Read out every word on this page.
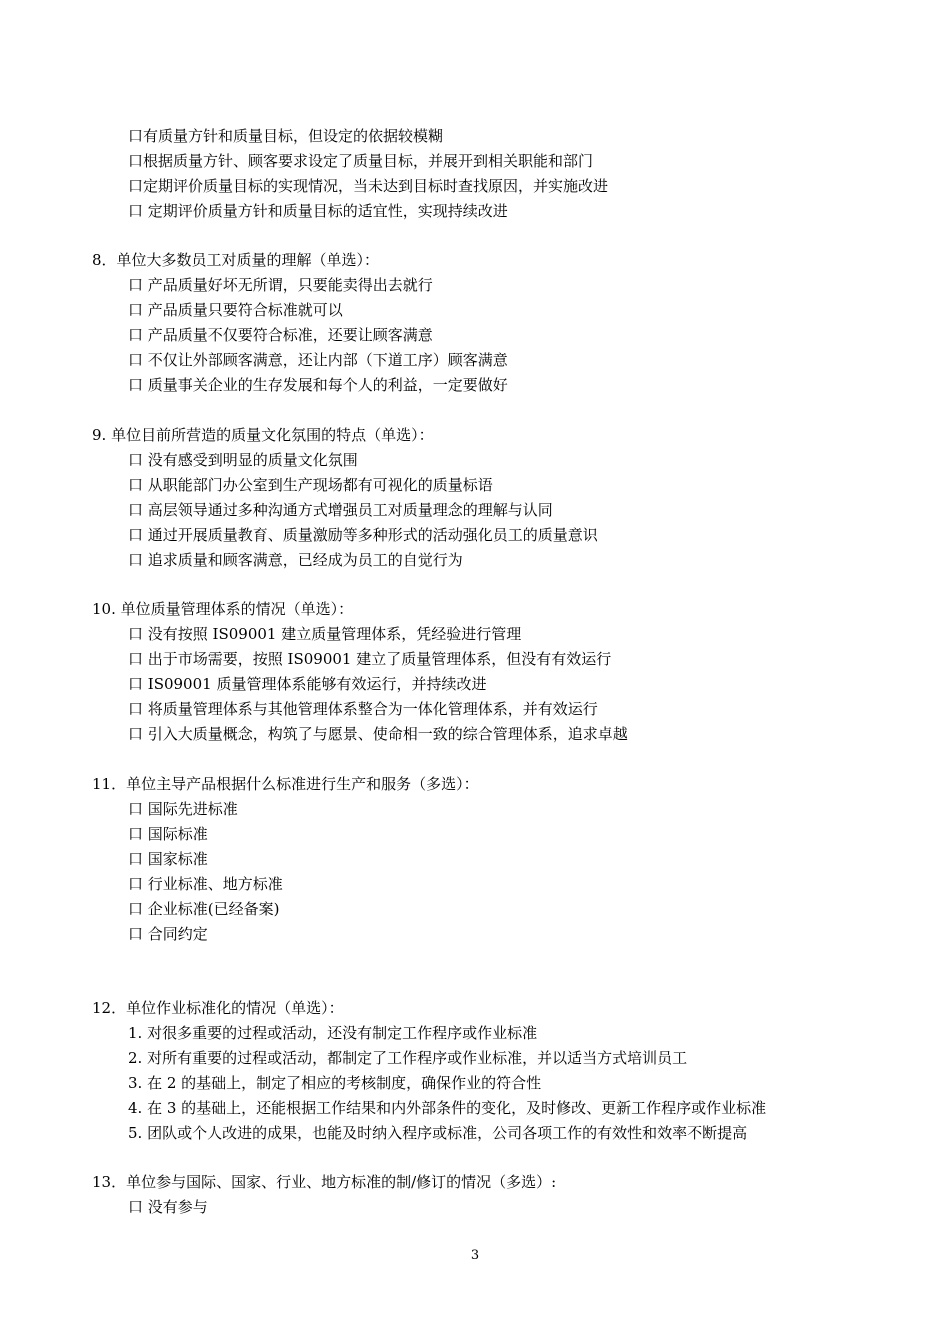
口有质量方针和质量目标，但设定的依据较模糊
口根据质量方针、顾客要求设定了质量目标，并展开到相关职能和部门
口定期评价质量目标的实现情况，当未达到目标时查找原因，并实施改进
口 定期评价质量方针和质量目标的适宜性，实现持续改进
8．单位大多数员工对质量的理解（单选）：
口 产品质量好坏无所谓，只要能卖得出去就行
口 产品质量只要符合标准就可以
口 产品质量不仅要符合标准，还要让顾客满意
口 不仅让外部顾客满意，还让内部（下道工序）顾客满意
口 质量事关企业的生存发展和每个人的利益，一定要做好
9. 单位目前所营造的质量文化氛围的特点（单选）：
口 没有感受到明显的质量文化氛围
口 从职能部门办公室到生产现场都有可视化的质量标语
口 高层领导通过多种沟通方式增强员工对质量理念的理解与认同
口 通过开展质量教育、质量激励等多种形式的活动强化员工的质量意识
口 追求质量和顾客满意，已经成为员工的自觉行为
10. 单位质量管理体系的情况（单选）：
口 没有按照 IS09001 建立质量管理体系，凭经验进行管理
口 出于市场需要，按照 IS09001 建立了质量管理体系，但没有有效运行
口 IS09001 质量管理体系能够有效运行，并持续改进
口 将质量管理体系与其他管理体系整合为一体化管理体系，并有效运行
口 引入大质量概念，构筑了与愿景、使命相一致的综合管理体系，追求卓越
11．单位主导产品根据什么标准进行生产和服务（多选）：
口 国际先进标准
口 国际标准
口 国家标准
口 行业标准、地方标准
口 企业标准(已经备案)
口 合同约定
12．单位作业标准化的情况（单选）：
1. 对很多重要的过程或活动，还没有制定工作程序或作业标准
2. 对所有重要的过程或活动，都制定了工作程序或作业标准，并以适当方式培训员工
3. 在 2 的基础上，制定了相应的考核制度，确保作业的符合性
4. 在 3 的基础上，还能根据工作结果和内外部条件的变化，及时修改、更新工作程序或作业标准
5. 团队或个人改进的成果，也能及时纳入程序或标准，公司各项工作的有效性和效率不断提高
13．单位参与国际、国家、行业、地方标准的制/修订的情况（多选）:
口 没有参与
3
